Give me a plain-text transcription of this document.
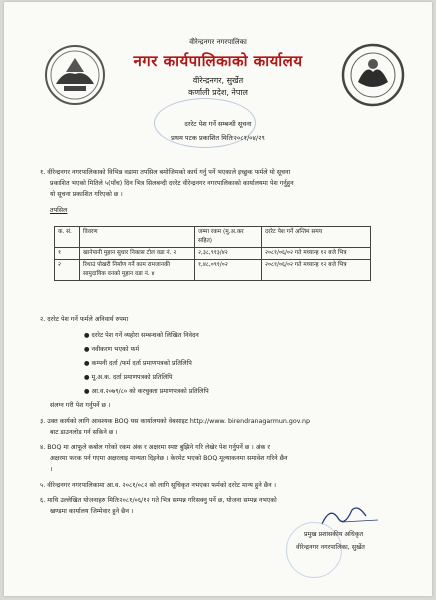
वीरेन्द्रनगर नगरपालिका
नगर कार्यपालिकाको कार्यालय
वीरेन्द्रनगर, सुर्खेत
कर्णाली प्रदेश, नेपाल
दररेट पेश गर्ने सम्बन्धी सूचना
प्रथम पटक प्रकाशित मितिः२०८१/०४/२९
१. वीरेन्द्रनगर नगरपालिकाको विभिन्न वडामा तपसिल बमोजिमको कार्य गर्नु पर्ने भएकाले इच्छुक फर्मले यो सूचना
प्रकाशित भएको मितिले ५(पाँच) दिन भित्र सिलबन्दी दररेट वीरेन्द्रनगर नगरपालिकाको कार्यालयमा पेश गर्नुहुन
यो सूचना प्रकाशित गरिएको छ ।
तपसिल
क. सं.	विवरण	जम्मा रकम (मु.अ.कर सहित)	दररेट पेश गर्ने अन्तिम समय
१	खानेपानी मुहान सुधार निकास टोल वडा नं. २	२,३८,९१३/४२	२०८१/०६/०२ गते मध्यान्ह १२ बजे भित्र
२	रिथाउं पोखरी निर्माण गर्ने काम रामजानकी सामुदायिक वनको मुहान वडा नं. ४	१,४८,०९१/०२	२०८१/०६/०२ गते मध्यान्ह १२ बजे भित्र
२. दररेट पेश गर्ने फर्मले अनिवार्य रुपमा
● दररेट पेश गर्ने व्यहोरा सम्बन्धको लिखित निवेदन
● नवीकरण भएको फर्म
● कम्पनी दर्ता /फर्म दर्ता प्रमाणपत्रको प्रतिलिपि
● मू.अ.क. दर्ता प्रमाणपत्रको प्रतिलिपि
● आ.व.२०७९/८० को करचुक्ता प्रमाणपत्रको प्रतिलिपि
संलग्न गरी पेश गर्नुपर्ने छ ।
३. उक्त कार्यको लागि आवश्यक BOQ यस कार्यालयको वेबसाइट http://www. birendranagarmun.gov.np
बाट डाउनलोड गर्न सकिने छ ।
४. BOQ मा आफूले कबोल गरेको रकम अंक र अक्षरमा स्पष्ट बुझिने गरि लेखेर पेश गर्नुपर्ने छ । अंक र
अक्षरमा फरक पर्न गएमा अक्षरलाइ मान्यता दिइनेछ । केरमेट भएको BOQ मूल्याकनमा समावेश गरिने छैन
।
५. वीरेन्द्रनगर नगरपालिकामा आ.व. २०८१/०८२ को लागि सूचिकृत नभएका फर्मको दररेट मान्य हुने छैन ।
६. माथि उल्लेखित योजनाहरु मितिः२०८१/०६/१२ गते भित्र सम्पन्न गरिसक्नु पर्ने छ, योजना सम्पन्न नभएको
खण्डमा कार्यालय जिम्मेवार हुने छैन ।
प्रमुख प्रशासकीय अधिकृत
वीरेन्द्रनगर नगरपालिका, सुर्खेत
